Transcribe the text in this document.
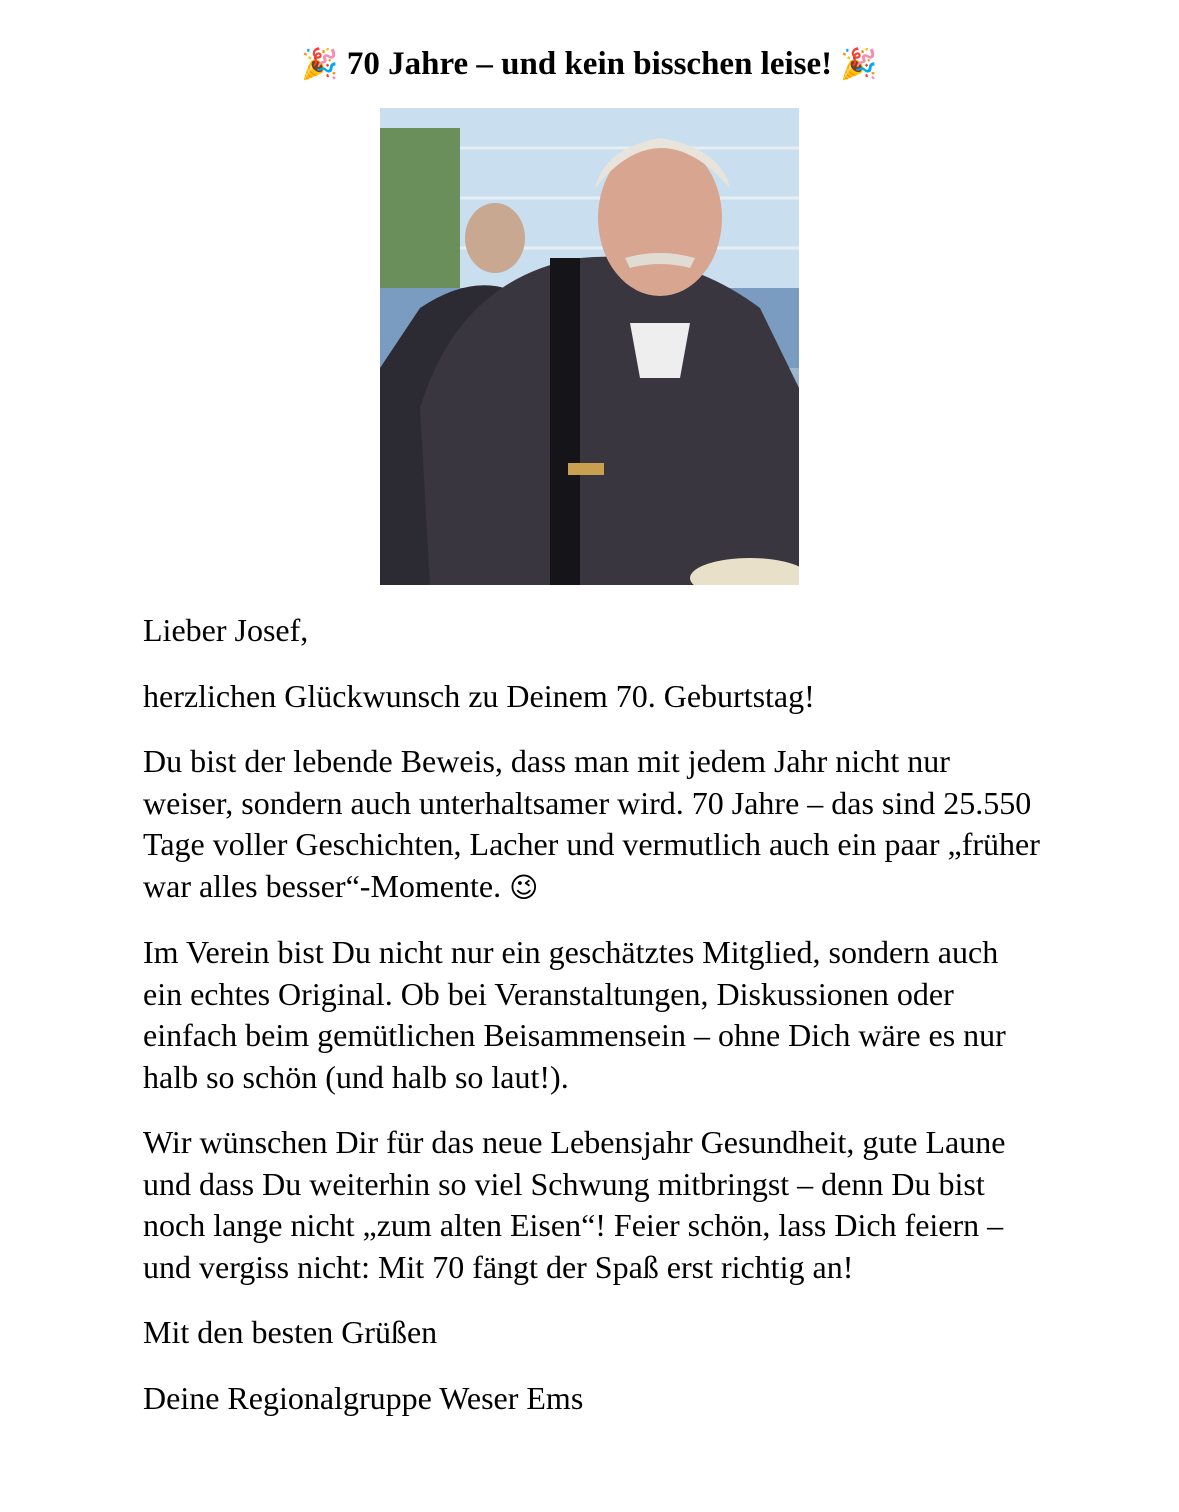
🎉 70 Jahre – und kein bisschen leise! 🎉

Lieber Josef,

herzlichen Glückwunsch zu Deinem 70. Geburtstag!

Du bist der lebende Beweis, dass man mit jedem Jahr nicht nur weiser, sondern auch unterhaltsamer wird. 70 Jahre – das sind 25.550 Tage voller Geschichten, Lacher und vermutlich auch ein paar „früher war alles besser“-Momente. 😉

Im Verein bist Du nicht nur ein geschätztes Mitglied, sondern auch ein echtes Original. Ob bei Veranstaltungen, Diskussionen oder einfach beim gemütlichen Beisammensein – ohne Dich wäre es nur halb so schön (und halb so laut!).

Wir wünschen Dir für das neue Lebensjahr Gesundheit, gute Laune und dass Du weiterhin so viel Schwung mitbringst – denn Du bist noch lange nicht „zum alten Eisen“! Feier schön, lass Dich feiern – und vergiss nicht: Mit 70 fängt der Spaß erst richtig an!

Mit den besten Grüßen

Deine Regionalgruppe Weser Ems
